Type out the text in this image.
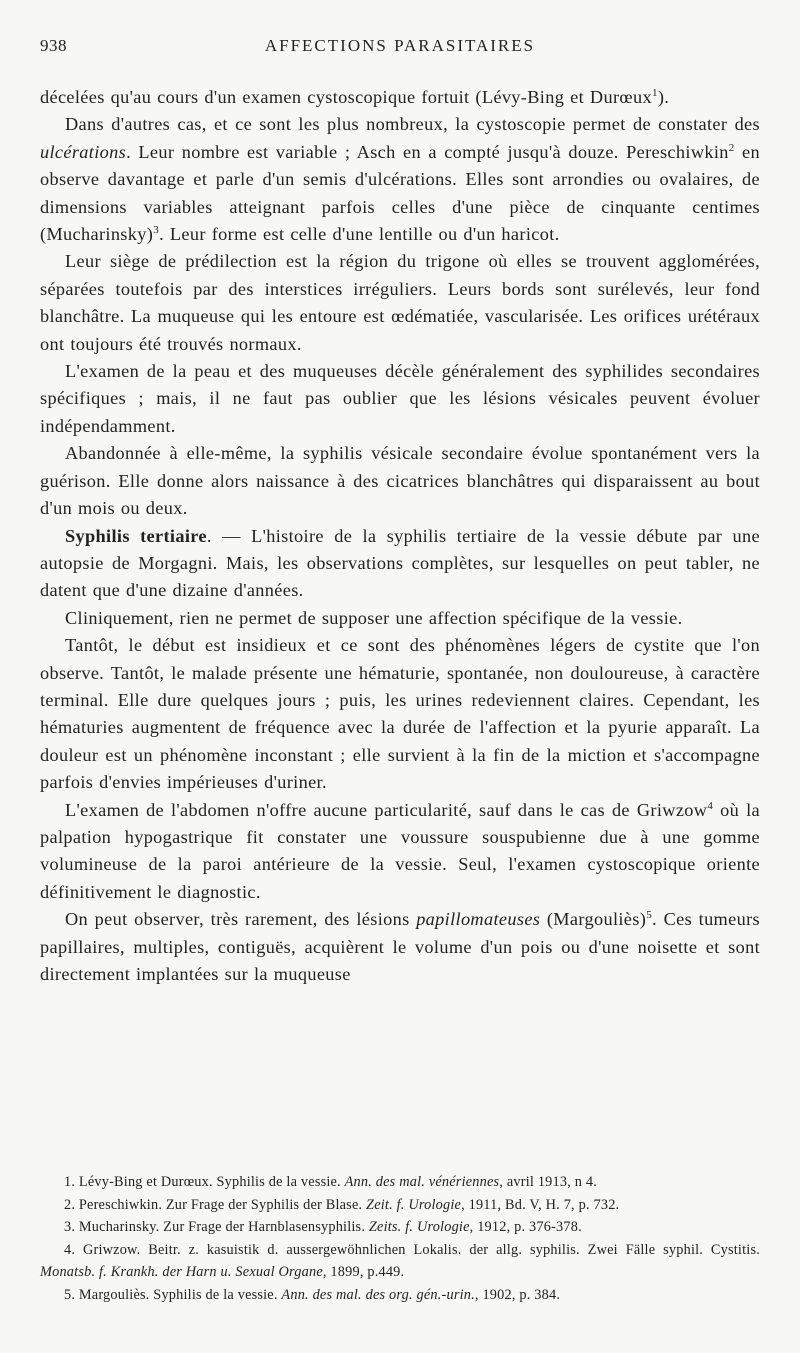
938	AFFECTIONS PARASITAIRES

décelées qu'au cours d'un examen cystoscopique fortuit (Lévy-Bing et Durœux$^1$).

Dans d'autres cas, et ce sont les plus nombreux, la cystoscopie permet de constater des ulcérations. Leur nombre est variable ; Asch en a compté jusqu'à douze. Pereschiwkin$^2$ en observe davantage et parle d'un semis d'ulcérations. Elles sont arrondies ou ovalaires, de dimensions variables atteignant parfois celles d'une pièce de cinquante centimes (Mucharinsky)$^3$. Leur forme est celle d'une lentille ou d'un haricot.

Leur siège de prédilection est la région du trigone où elles se trouvent agglomérées, séparées toutefois par des interstices irréguliers. Leurs bords sont surélevés, leur fond blanchâtre. La muqueuse qui les entoure est œdématiée, vascularisée. Les orifices urétéraux ont toujours été trouvés normaux.

L'examen de la peau et des muqueuses décèle généralement des syphilides secondaires spécifiques ; mais, il ne faut pas oublier que les lésions vésicales peuvent évoluer indépendamment.

Abandonnée à elle-même, la syphilis vésicale secondaire évolue spontanément vers la guérison. Elle donne alors naissance à des cicatrices blanchâtres qui disparaissent au bout d'un mois ou deux.

Syphilis tertiaire. — L'histoire de la syphilis tertiaire de la vessie débute par une autopsie de Morgagni. Mais, les observations complètes, sur lesquelles on peut tabler, ne datent que d'une dizaine d'années.

Cliniquement, rien ne permet de supposer une affection spécifique de la vessie.

Tantôt, le début est insidieux et ce sont des phénomènes légers de cystite que l'on observe. Tantôt, le malade présente une hématurie, spontanée, non douloureuse, à caractère terminal. Elle dure quelques jours ; puis, les urines redeviennent claires. Cependant, les hématuries augmentent de fréquence avec la durée de l'affection et la pyurie apparaît. La douleur est un phénomène inconstant ; elle survient à la fin de la miction et s'accompagne parfois d'envies impérieuses d'uriner.

L'examen de l'abdomen n'offre aucune particularité, sauf dans le cas de Griwzow$^4$ où la palpation hypogastrique fit constater une voussure souspubienne due à une gomme volumineuse de la paroi antérieure de la vessie. Seul, l'examen cystoscopique oriente définitivement le diagnostic.

On peut observer, très rarement, des lésions papillomateuses (Margouliès)$^5$. Ces tumeurs papillaires, multiples, contiguës, acquièrent le volume d'un pois ou d'une noisette et sont directement implantées sur la muqueuse

1. Lévy-Bing et Durœux. Syphilis de la vessie. Ann. des mal. vénériennes, avril 1913, n 4.

2. Pereschiwkin. Zur Frage der Syphilis der Blase. Zeit. f. Urologie, 1911, Bd. V, H. 7, p. 732.

3. Mucharinsky. Zur Frage der Harnblasensyphilis. Zeits. f. Urologie, 1912, p. 376-378.

4. Griwzow. Beitr. z. kasuistik d. aussergewöhnlichen Lokalis. der allg. syphilis. Zwei Fälle syphil. Cystitis. Monatsb. f. Krankh. der Harn u. Sexual Organe, 1899, p.449.

5. Margouliès. Syphilis de la vessie. Ann. des mal. des org. gén.-urin., 1902, p. 384.
